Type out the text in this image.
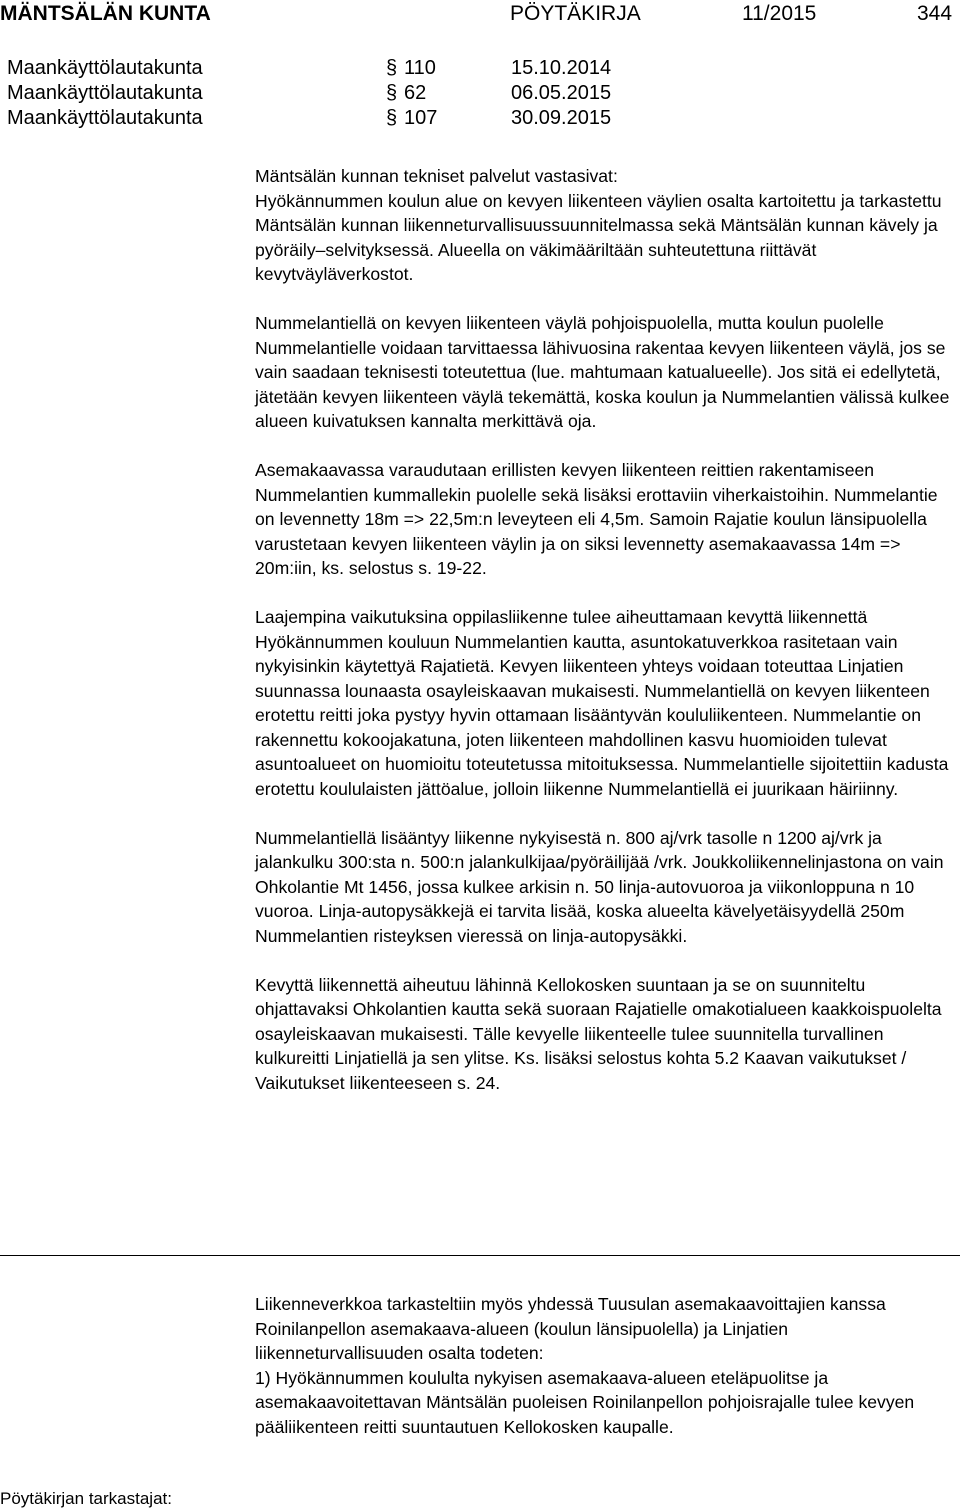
MÄNTSÄLÄN KUNTA	PÖYTÄKIRJA	11/2015	344
Maankäyttölautakunta	§ 110	15.10.2014
Maankäyttölautakunta	§ 62	06.05.2015
Maankäyttölautakunta	§ 107	30.09.2015

Mäntsälän kunnan tekniset palvelut vastasivat:
Hyökännummen koulun alue on kevyen liikenteen väylien osalta kartoitettu ja tarkastettu Mäntsälän kunnan liikenneturvallisuussuunnitelmassa sekä Mäntsälän kunnan kävely ja pyöräily–selvityksessä. Alueella on väkimääriltään suhteutettuna riittävät kevytväyläverkostot.

Nummelantiellä on kevyen liikenteen väylä pohjoispuolella, mutta koulun puolelle Nummelantielle voidaan tarvittaessa lähivuosina rakentaa kevyen liikenteen väylä, jos se vain saadaan teknisesti toteutettua (lue. mahtumaan katualueelle). Jos sitä ei edellytetä, jätetään kevyen liikenteen väylä tekemättä, koska koulun ja Nummelantien välissä kulkee alueen kuivatuksen kannalta merkittävä oja.

Asemakaavassa varaudutaan erillisten kevyen liikenteen reittien rakentamiseen Nummelantien kummallekin puolelle sekä lisäksi erottaviin viherkaistoihin. Nummelantie on levennetty 18m => 22,5m:n leveyteen eli 4,5m. Samoin Rajatie koulun länsipuolella varustetaan kevyen liikenteen väylin ja on siksi levennetty asemakaavassa 14m => 20m:iin, ks. selostus s. 19-22.

Laajempina vaikutuksina oppilasliikenne tulee aiheuttamaan kevyttä liikennettä Hyökännummen kouluun Nummelantien kautta, asuntokatuverkkoa rasitetaan vain nykyisinkin käytettyä Rajatietä. Kevyen liikenteen yhteys voidaan toteuttaa Linjatien suunnassa lounaasta osayleiskaavan mukaisesti. Nummelantiellä on kevyen liikenteen erotettu reitti joka pystyy hyvin ottamaan lisääntyvän koululiikenteen. Nummelantie on rakennettu kokoojakatuna, joten liikenteen mahdollinen kasvu huomioiden tulevat asuntoalueet on huomioitu toteutetussa mitoituksessa. Nummelantielle sijoitettiin kadusta erotettu koululaisten jättöalue, jolloin liikenne Nummelantiellä ei juurikaan häiriinny.

Nummelantiellä lisääntyy liikenne nykyisestä n. 800 aj/vrk tasolle n 1200 aj/vrk ja jalankulku 300:sta n. 500:n jalankulkijaa/pyöräilijää /vrk. Joukkoliikennelinjastona on vain Ohkolantie Mt 1456, jossa kulkee arkisin n. 50 linja-autovuoroa ja viikonloppuna n 10 vuoroa. Linja-autopysäkkejä ei tarvita lisää, koska alueelta kävelyetäisyydellä 250m Nummelantien risteyksen vieressä on linja-autopysäkki.

Kevyttä liikennettä aiheutuu lähinnä Kellokosken suuntaan ja se on suunniteltu ohjattavaksi Ohkolantien kautta sekä suoraan Rajatielle omakotialueen kaakkoispuolelta osayleiskaavan mukaisesti. Tälle kevyelle liikenteelle tulee suunnitella turvallinen kulkureitti Linjatiellä ja sen ylitse. Ks. lisäksi selostus kohta 5.2 Kaavan vaikutukset / Vaikutukset liikenteeseen s. 24.

Liikenneverkkoa tarkasteltiin myös yhdessä Tuusulan asemakaavoittajien kanssa Roinilanpellon asemakaava-alueen (koulun länsipuolella) ja Linjatien liikenneturvallisuuden osalta todeten:
1) Hyökännummen koululta nykyisen asemakaava-alueen eteläpuolitse ja asemakaavoitettavan Mäntsälän puoleisen Roinilanpellon pohjoisrajalle tulee kevyen pääliikenteen reitti suuntautuen Kellokosken kaupalle.

Pöytäkirjan tarkastajat:
